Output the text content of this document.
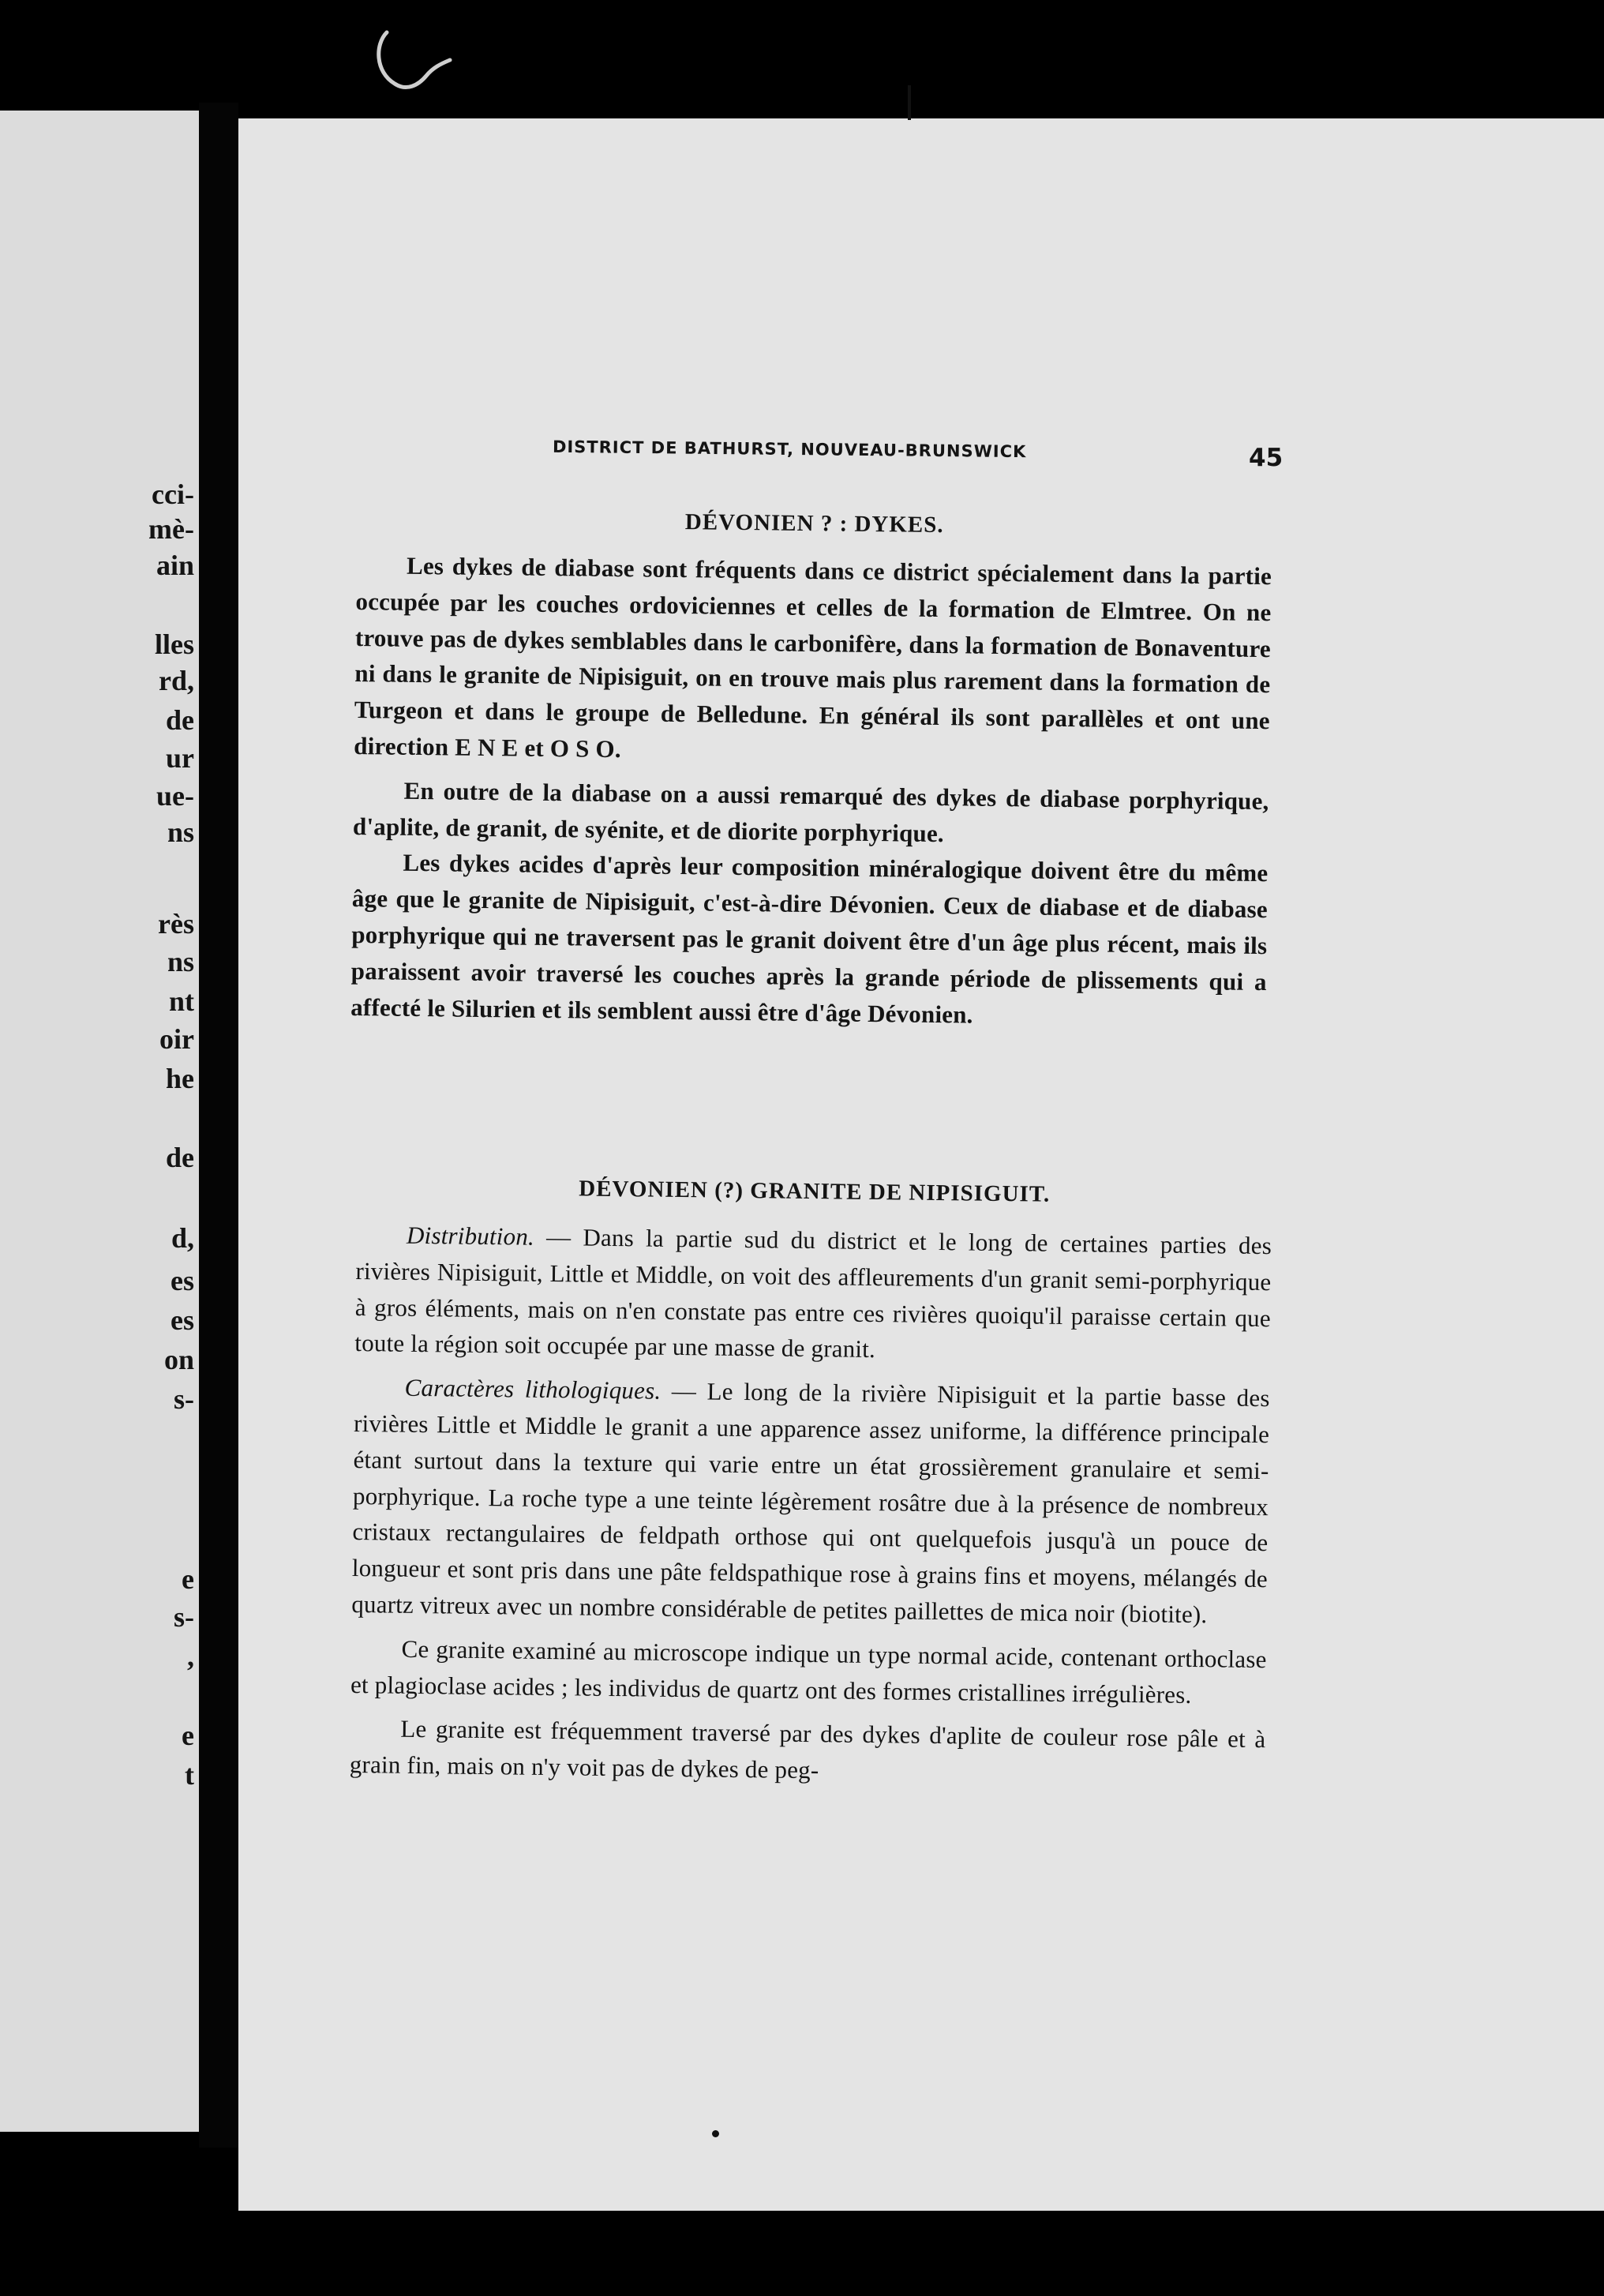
cci-
mè-
ain
lles
rd,
de
ur
ue-
ns
rès
ns
nt
oir
he
de
d,
es
es
on
s-
e
s-
,
e
t
DISTRICT DE BATHURST, NOUVEAU-BRUNSWICK	45
DÉVONIEN ? : DYKES.

Les dykes de diabase sont fréquents dans ce district spécialement dans la partie occupée par les couches ordoviciennes et celles de la formation de Elmtree. On ne trouve pas de dykes semblables dans le carbonifère, dans la formation de Bonaventure ni dans le granite de Nipisiguit, on en trouve mais plus rarement dans la formation de Turgeon et dans le groupe de Belledune. En général ils sont parallèles et ont une direction E N E et O S O.

En outre de la diabase on a aussi remarqué des dykes de diabase porphyrique, d'aplite, de granit, de syénite, et de diorite porphyrique.

Les dykes acides d'après leur composition minéralogique doivent être du même âge que le granite de Nipisiguit, c'est-à-dire Dévonien. Ceux de diabase et de diabase porphyrique qui ne traversent pas le granit doivent être d'un âge plus récent, mais ils paraissent avoir traversé les couches après la grande période de plissements qui a affecté le Silurien et ils semblent aussi être d'âge Dévonien.

DÉVONIEN (?) GRANITE DE NIPISIGUIT.

Distribution. — Dans la partie sud du district et le long de certaines parties des rivières Nipisiguit, Little et Middle, on voit des affleurements d'un granit semi-porphyrique à gros éléments, mais on n'en constate pas entre ces rivières quoiqu'il paraisse certain que toute la région soit occupée par une masse de granit.

Caractères lithologiques. — Le long de la rivière Nipisiguit et la partie basse des rivières Little et Middle le granit a une apparence assez uniforme, la différence principale étant surtout dans la texture qui varie entre un état grossièrement granulaire et semi-porphyrique. La roche type a une teinte légèrement rosâtre due à la présence de nombreux cristaux rectangulaires de feldpath orthose qui ont quelquefois jusqu'à un pouce de longueur et sont pris dans une pâte feldspathique rose à grains fins et moyens, mélangés de quartz vitreux avec un nombre considérable de petites paillettes de mica noir (biotite).

Ce granite examiné au microscope indique un type normal acide, contenant orthoclase et plagioclase acides ; les individus de quartz ont des formes cristallines irrégulières.

Le granite est fréquemment traversé par des dykes d'aplite de couleur rose pâle et à grain fin, mais on n'y voit pas de dykes de peg-
